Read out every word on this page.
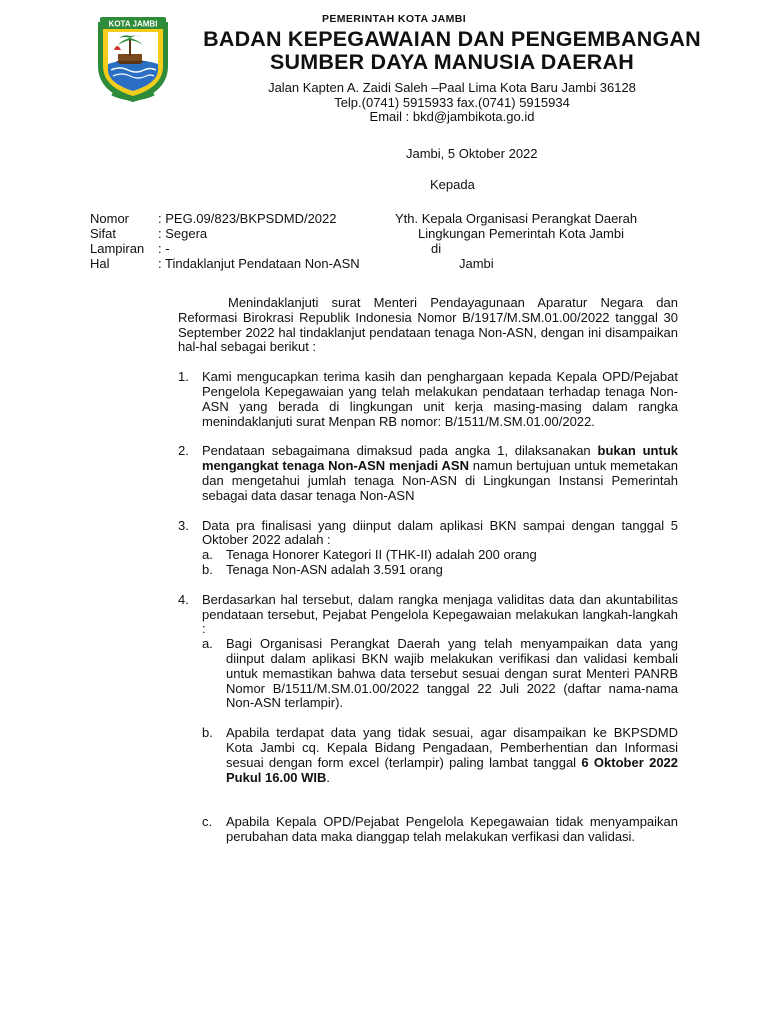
KOTA JAMBI	PEMERINTAH KOTA JAMBI
BADAN KEPEGAWAIAN DAN PENGEMBANGAN
SUMBER DAYA MANUSIA DAERAH
Jalan Kapten A. Zaidi Saleh –Paal Lima Kota Baru Jambi 36128
Telp.(0741) 5915933 fax.(0741) 5915934
Email : bkd@jambikota.go.id
Jambi, 5 Oktober 2022
Kepada
Nomor	: PEG.09/823/BKPSDMD/2022
Sifat	: Segera
Lampiran	: -
Hal	: Tindaklanjut Pendataan Non-ASN
Yth. Kepala Organisasi Perangkat Daerah
Lingkungan Pemerintah Kota Jambi
di
Jambi
Menindaklanjuti surat Menteri Pendayagunaan Aparatur Negara dan Reformasi Birokrasi Republik Indonesia Nomor B/1917/M.SM.01.00/2022 tanggal 30 September 2022 hal tindaklanjut pendataan tenaga Non-ASN, dengan ini disampaikan hal-hal sebagai berikut :
1.	Kami mengucapkan terima kasih dan penghargaan kepada Kepala OPD/Pejabat Pengelola Kepegawaian yang telah melakukan pendataan terhadap tenaga Non-ASN yang berada di lingkungan unit kerja masing-masing dalam rangka menindaklanjuti surat Menpan RB nomor: B/1511/M.SM.01.00/2022.
2.	Pendataan sebagaimana dimaksud pada angka 1, dilaksanakan bukan untuk mengangkat tenaga Non-ASN menjadi ASN namun bertujuan untuk memetakan dan mengetahui jumlah tenaga Non-ASN di Lingkungan Instansi Pemerintah sebagai data dasar tenaga Non-ASN
3.	Data pra finalisasi yang diinput dalam aplikasi BKN sampai dengan tanggal 5 Oktober 2022 adalah :
a.	Tenaga Honorer Kategori II (THK-II) adalah 200 orang
b.	Tenaga Non-ASN adalah 3.591 orang
4.	Berdasarkan hal tersebut, dalam rangka menjaga validitas data dan akuntabilitas pendataan tersebut, Pejabat Pengelola Kepegawaian melakukan langkah-langkah :
a.	Bagi Organisasi Perangkat Daerah yang telah menyampaikan data yang diinput dalam aplikasi BKN wajib melakukan verifikasi dan validasi kembali untuk memastikan bahwa data tersebut sesuai dengan surat Menteri PANRB Nomor B/1511/M.SM.01.00/2022 tanggal 22 Juli 2022 (daftar nama-nama Non-ASN terlampir).
b.	Apabila terdapat data yang tidak sesuai, agar disampaikan ke BKPSDMD Kota Jambi cq. Kepala Bidang Pengadaan, Pemberhentian dan Informasi sesuai dengan form excel (terlampir) paling lambat tanggal 6 Oktober 2022 Pukul 16.00 WIB.
c.	Apabila Kepala OPD/Pejabat Pengelola Kepegawaian tidak menyampaikan perubahan data maka dianggap telah melakukan verfikasi dan validasi.
